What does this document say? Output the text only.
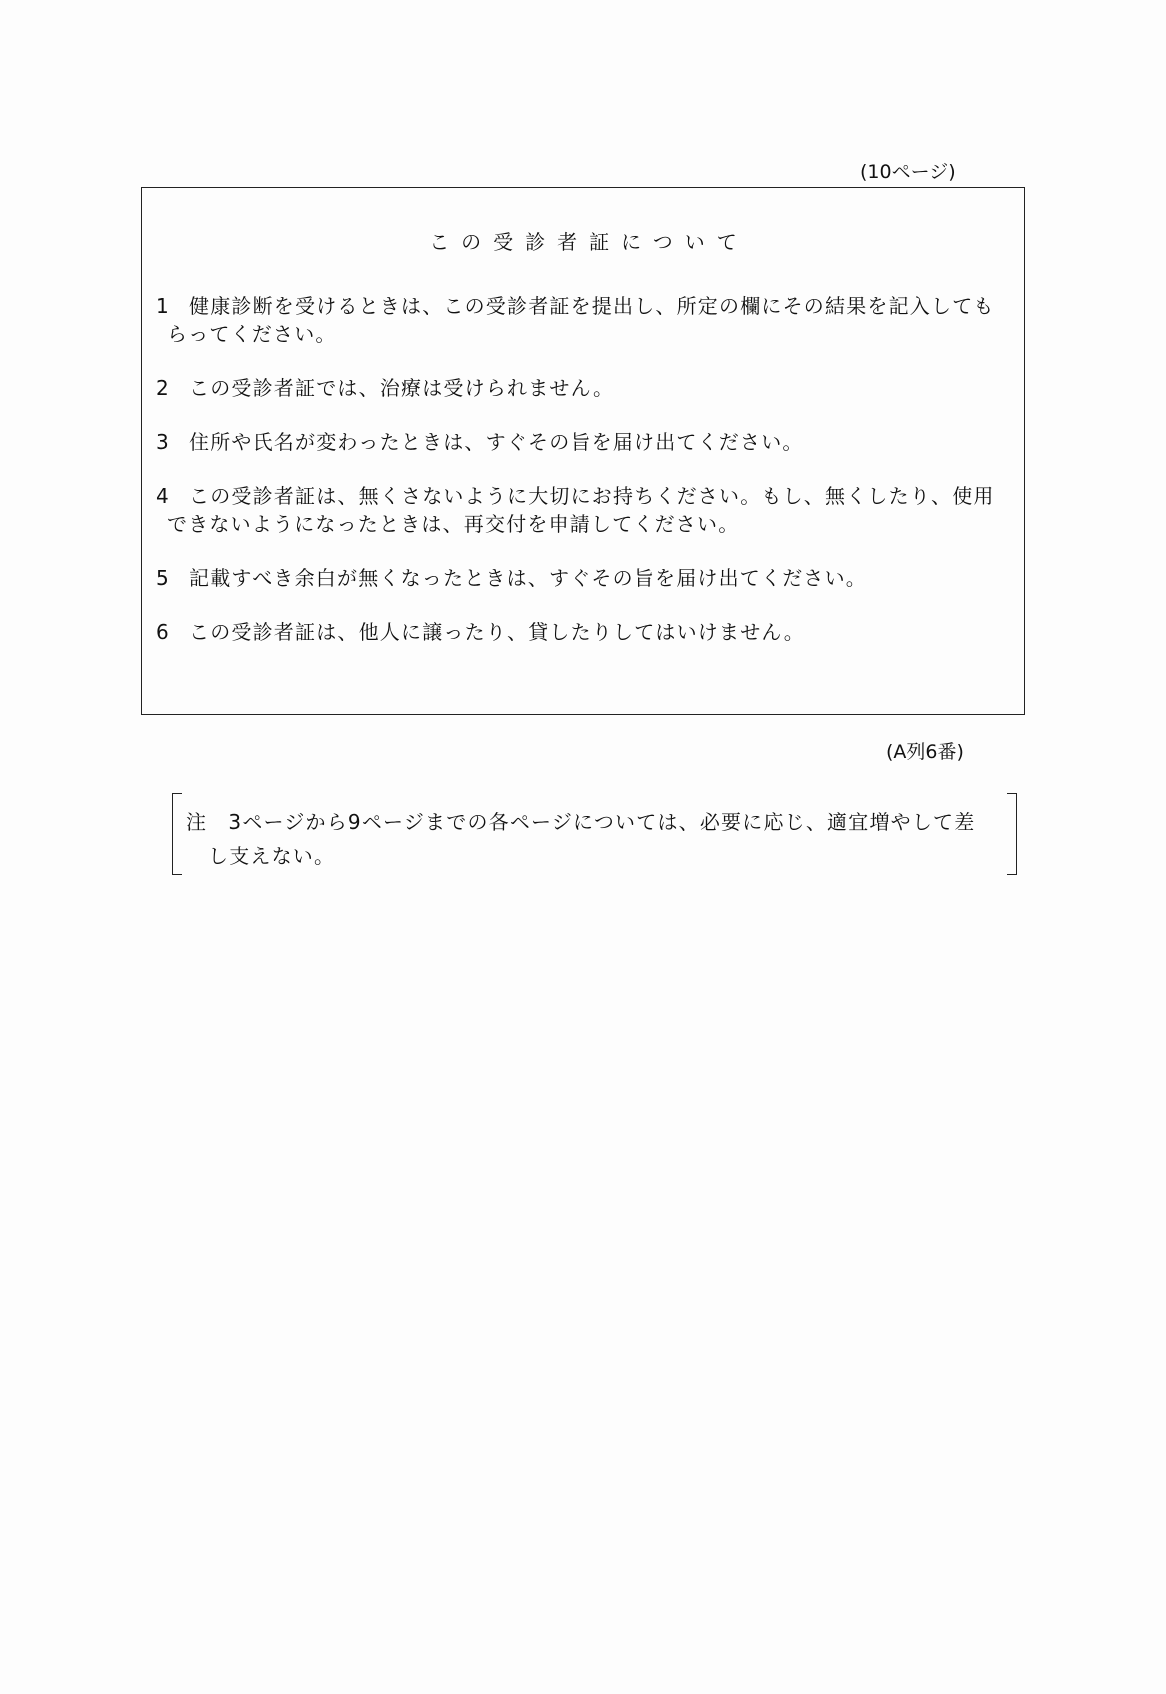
(10ページ)
この受診者証について
1 健康診断を受けるときは、この受診者証を提出し、所定の欄にその結果を記入しても
らってください。
2 この受診者証では、治療は受けられません。
3 住所や氏名が変わったときは、すぐその旨を届け出てください。
4 この受診者証は、無くさないように大切にお持ちください。もし、無くしたり、使用
できないようになったときは、再交付を申請してください。
5 記載すべき余白が無くなったときは、すぐその旨を届け出てください。
6 この受診者証は、他人に譲ったり、貸したりしてはいけません。
(A列6番)
注　3ページから9ページまでの各ページについては、必要に応じ、適宜増やして差
し支えない。
